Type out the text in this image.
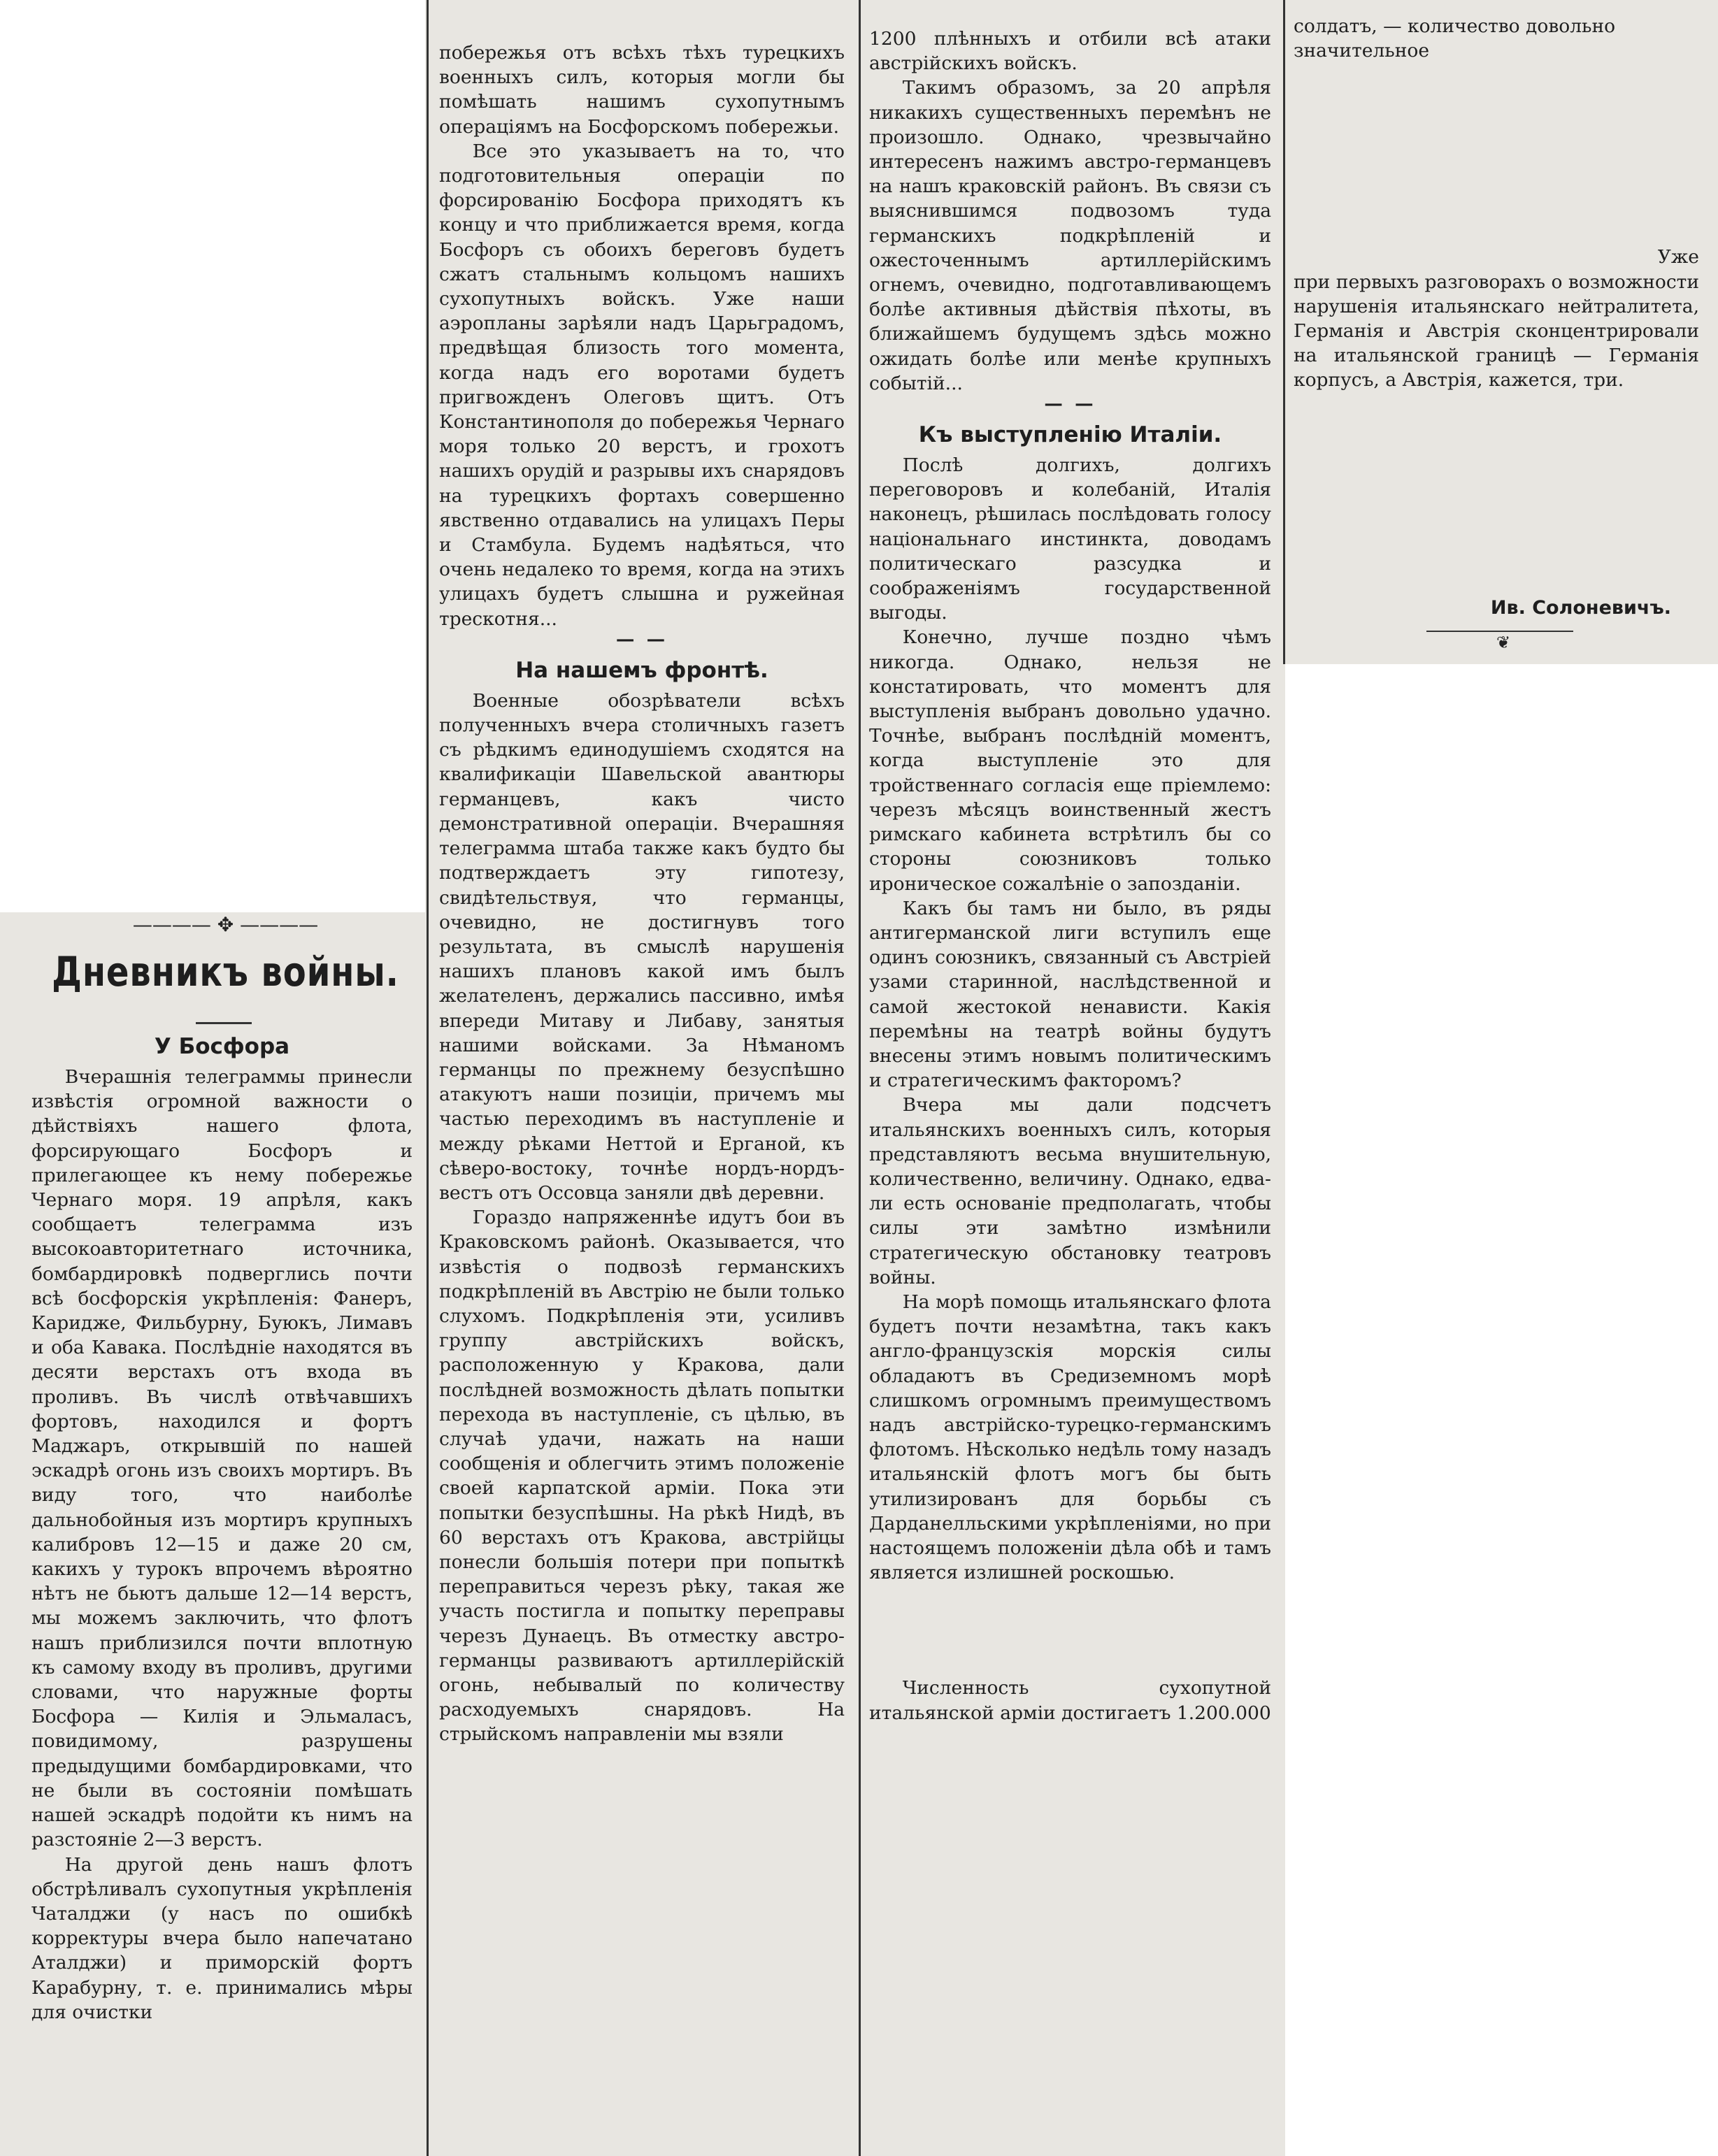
———— ✥ ————
Дневникъ войны.
У Босфора

Вчерашнія телеграммы принесли извѣстія огромной важности о дѣйствіяхъ нашего флота, форсирующаго Босфоръ и прилегающее къ нему побережье Чернаго моря. 19 апрѣля, какъ сообщаетъ телеграмма изъ высокоавторитетнаго источника, бомбардировкѣ подверглись почти всѣ босфорскія укрѣпленія: Фанеръ, Каридже, Фильбурну, Буюкъ, Лимавъ и оба Кавака. Послѣдніе находятся въ десяти верстахъ отъ входа въ проливъ. Въ числѣ отвѣчавшихъ фортовъ, находился и фортъ Маджаръ, открывшій по нашей эскадрѣ огонь изъ своихъ мортиръ. Въ виду того, что наиболѣе дальнобойныя изъ мортиръ крупныхъ калибровъ 12—15 и даже 20 см, какихъ у турокъ впрочемъ вѣроятно нѣтъ не бьютъ дальше 12—14 верстъ, мы можемъ заключить, что флотъ нашъ приблизился почти вплотную къ самому входу въ проливъ, другими словами, что наружные форты Босфора — Килія и Эльмаласъ, повидимому, разрушены предыдущими бомбардировками, что не были въ состояніи помѣшать нашей эскадрѣ подойти къ нимъ на разстояніе 2—3 верстъ.

На другой день нашъ флотъ обстрѣливалъ сухопутныя укрѣпленія Чаталджи (у насъ по ошибкѣ корректуры вчера было напечатано Аталджи) и приморскій фортъ Карабурну, т. е. принимались мѣры для очистки

побережья отъ всѣхъ тѣхъ турецкихъ военныхъ силъ, которыя могли бы помѣшать нашимъ сухопутнымъ операціямъ на Босфорскомъ побережьи.

Все это указываетъ на то, что подготовительныя операціи по форсированію Босфора приходятъ къ концу и что приближается время, когда Босфоръ съ обоихъ береговъ будетъ сжатъ стальнымъ кольцомъ нашихъ сухопутныхъ войскъ. Уже наши аэропланы зарѣяли надъ Царьградомъ, предвѣщая близость того момента, когда надъ его воротами будетъ пригвожденъ Олеговъ щитъ. Отъ Константинополя до побережья Чернаго моря только 20 верстъ, и грохотъ нашихъ орудій и разрывы ихъ снарядовъ на турецкихъ фортахъ совершенно явственно отдавались на улицахъ Перы и Стамбула. Будемъ надѣяться, что очень недалеко то время, когда на этихъ улицахъ будетъ слышна и ружейная трескотня...

— —
На нашемъ фронтѣ.

Военные обозрѣватели всѣхъ полученныхъ вчера столичныхъ газетъ съ рѣдкимъ единодушіемъ сходятся на квалификаціи Шавельской авантюры германцевъ, какъ чисто демонстративной операціи. Вчерашняя телеграмма штаба также какъ будто бы подтверждаетъ эту гипотезу, свидѣтельствуя, что германцы, очевидно, не достигнувъ того результата, въ смыслѣ нарушенія нашихъ плановъ какой имъ былъ желателенъ, держались пассивно, имѣя впереди Митаву и Либаву, занятыя нашими войсками. За Нѣманомъ германцы по прежнему безуспѣшно атакуютъ наши позиціи, причемъ мы частью переходимъ въ наступленіе и между рѣками Неттой и Ерганой, къ сѣверо-востоку, точнѣе нордъ-нордъ-вестъ отъ Оссовца заняли двѣ деревни.

Гораздо напряженнѣе идутъ бои въ Краковскомъ районѣ. Оказывается, что извѣстія о подвозѣ германскихъ подкрѣпленій въ Австрію не были только слухомъ. Подкрѣпленія эти, усиливъ группу австрійскихъ войскъ, расположенную у Кракова, дали послѣдней возможность дѣлать попытки перехода въ наступленіе, съ цѣлью, въ случаѣ удачи, нажать на наши сообщенія и облегчить этимъ положеніе своей карпатской арміи. Пока эти попытки безуспѣшны. На рѣкѣ Нидѣ, въ 60 верстахъ отъ Кракова, австрійцы понесли большія потери при попыткѣ переправиться черезъ рѣку, такая же участь постигла и попытку переправы черезъ Дунаецъ. Въ отместку австро-германцы развиваютъ артиллерійскій огонь, небывалый по количеству расходуемыхъ снарядовъ. На стрыйскомъ направленіи мы взяли

1200 плѣнныхъ и отбили всѣ атаки австрійскихъ войскъ.

Такимъ образомъ, за 20 апрѣля никакихъ существенныхъ перемѣнъ не произошло. Однако, чрезвычайно интересенъ нажимъ австро-германцевъ на нашъ краковскій районъ. Въ связи съ выяснившимся подвозомъ туда германскихъ подкрѣпленій и ожесточеннымъ артиллерійскимъ огнемъ, очевидно, подготавливающемъ болѣе активныя дѣйствія пѣхоты, въ ближайшемъ будущемъ здѣсь можно ожидать болѣе или менѣе крупныхъ событій...

— —
Къ выступленію Италіи.

Послѣ долгихъ, долгихъ переговоровъ и колебаній, Италія наконецъ, рѣшилась послѣдовать голосу національнаго инстинкта, доводамъ политическаго разсудка и соображеніямъ государственной выгоды.

Конечно, лучше поздно чѣмъ никогда. Однако, нельзя не констатировать, что моментъ для выступленія выбранъ довольно удачно. Точнѣе, выбранъ послѣдній моментъ, когда выступленіе это для тройственнаго согласія еще пріемлемо: черезъ мѣсяцъ воинственный жестъ римскаго кабинета встрѣтилъ бы со стороны союзниковъ только ироническое сожалѣніе о запозданіи.

Какъ бы тамъ ни было, въ ряды антигерманской лиги вступилъ еще одинъ союзникъ, связанный съ Австріей узами старинной, наслѣдственной и самой жестокой ненависти. Какія перемѣны на театрѣ войны будутъ внесены этимъ новымъ политическимъ и стратегическимъ факторомъ?

Вчера мы дали подсчетъ итальянскихъ военныхъ силъ, которыя представляютъ весьма внушительную, количественно, величину. Однако, едва-ли есть основаніе предполагать, чтобы силы эти замѣтно измѣнили стратегическую обстановку театровъ войны.

На морѣ помощь итальянскаго флота будетъ почти незамѣтна, такъ какъ англо-французскія морскія силы обладаютъ въ Средиземномъ морѣ слишкомъ огромнымъ преимуществомъ надъ австрійско-турецко-германскимъ флотомъ. Нѣсколько недѣль тому назадъ итальянскій флотъ могъ бы быть утилизированъ для борьбы съ Дарданелльскими укрѣпленіями, но при настоящемъ положеніи дѣла обѣ и тамъ является излишней роскошью.

Численность сухопутной итальянской арміи достигаетъ 1.200.000

солдатъ, — количество довольно значительное

Уже

при первыхъ разговорахъ о возможности нарушенія итальянскаго нейтралитета, Германія и Австрія сконцентрировали на итальянской границѣ — Германія корпусъ, а Австрія, кажется, три.

Ив. Солоневичъ.
❦
